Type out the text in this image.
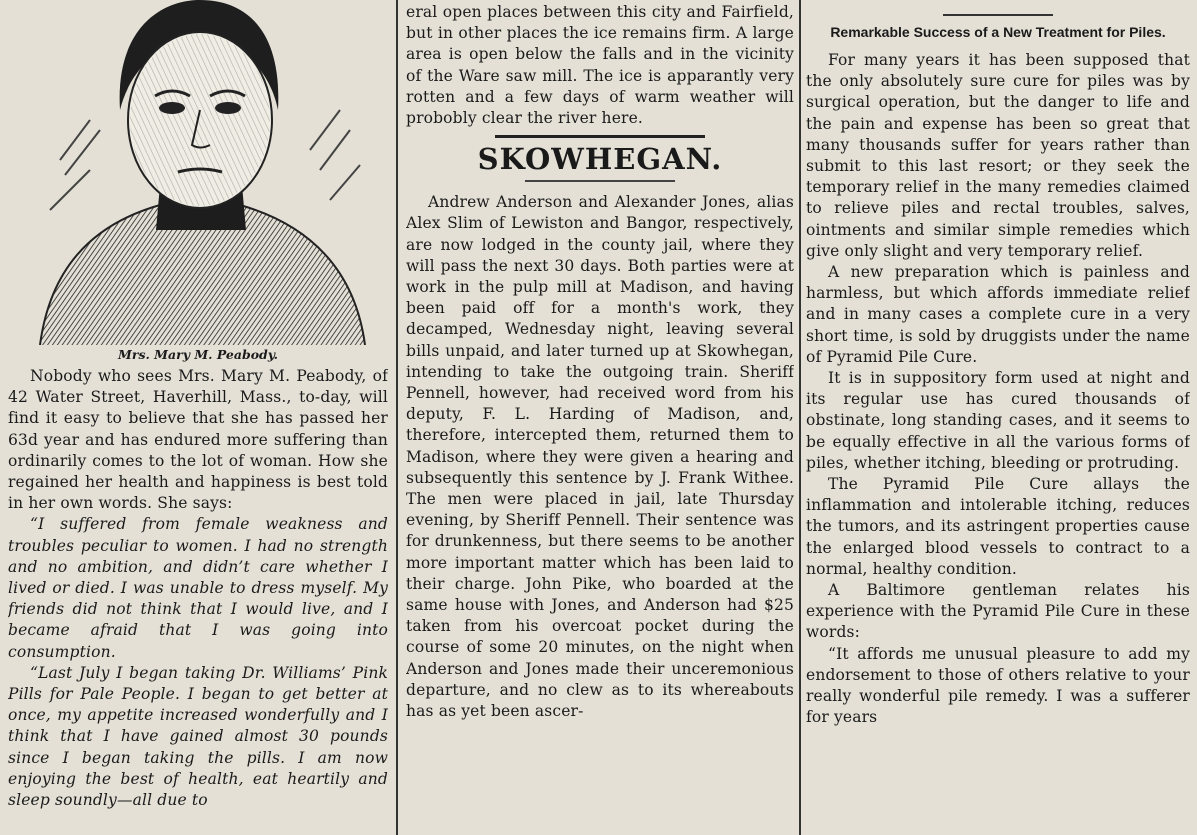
Mrs. Mary M. Peabody.

Nobody who sees Mrs. Mary M. Peabody, of 42 Water Street, Haverhill, Mass., to-day, will find it easy to believe that she has passed her 63d year and has endured more suffering than ordinarily comes to the lot of woman. How she regained her health and happiness is best told in her own words. She says:

“I suffered from female weakness and troubles peculiar to women. I had no strength and no ambition, and didn’t care whether I lived or died. I was unable to dress myself. My friends did not think that I would live, and I became afraid that I was going into consumption.

“Last July I began taking Dr. Williams’ Pink Pills for Pale People. I began to get better at once, my appetite increased wonderfully and I think that I have gained almost 30 pounds since I began taking the pills. I am now enjoying the best of health, eat heartily and sleep soundly—all due to

eral open places between this city and Fairfield, but in other places the ice remains firm. A large area is open below the falls and in the vicinity of the Ware saw mill. The ice is apparantly very rotten and a few days of warm weather will probobly clear the river here.

SKOWHEGAN.

Andrew Anderson and Alexander Jones, alias Alex Slim of Lewiston and Bangor, respectively, are now lodged in the county jail, where they will pass the next 30 days. Both parties were at work in the pulp mill at Madison, and having been paid off for a month's work, they decamped, Wednesday night, leaving several bills unpaid, and later turned up at Skowhegan, intending to take the outgoing train. Sheriff Pennell, however, had received word from his deputy, F. L. Harding of Madison, and, therefore, intercepted them, returned them to Madison, where they were given a hearing and subsequently this sentence by J. Frank Withee. The men were placed in jail, late Thursday evening, by Sheriff Pennell. Their sentence was for drunkenness, but there seems to be another more important matter which has been laid to their charge. John Pike, who boarded at the same house with Jones, and Anderson had $25 taken from his overcoat pocket during the course of some 20 minutes, on the night when Anderson and Jones made their unceremonious departure, and no clew as to its whereabouts has as yet been ascer-

Remarkable Success of a New Treatment for Piles.

For many years it has been supposed that the only absolutely sure cure for piles was by surgical operation, but the danger to life and the pain and expense has been so great that many thousands suffer for years rather than submit to this last resort; or they seek the temporary relief in the many remedies claimed to relieve piles and rectal troubles, salves, ointments and similar simple remedies which give only slight and very temporary relief.

A new preparation which is painless and harmless, but which affords immediate relief and in many cases a complete cure in a very short time, is sold by druggists under the name of Pyramid Pile Cure.

It is in suppository form used at night and its regular use has cured thousands of obstinate, long standing cases, and it seems to be equally effective in all the various forms of piles, whether itching, bleeding or protruding.

The Pyramid Pile Cure allays the inflammation and intolerable itching, reduces the tumors, and its astringent properties cause the enlarged blood vessels to contract to a normal, healthy condition.

A Baltimore gentleman relates his experience with the Pyramid Pile Cure in these words:

“It affords me unusual pleasure to add my endorsement to those of others relative to your really wonderful pile remedy. I was a sufferer for years
